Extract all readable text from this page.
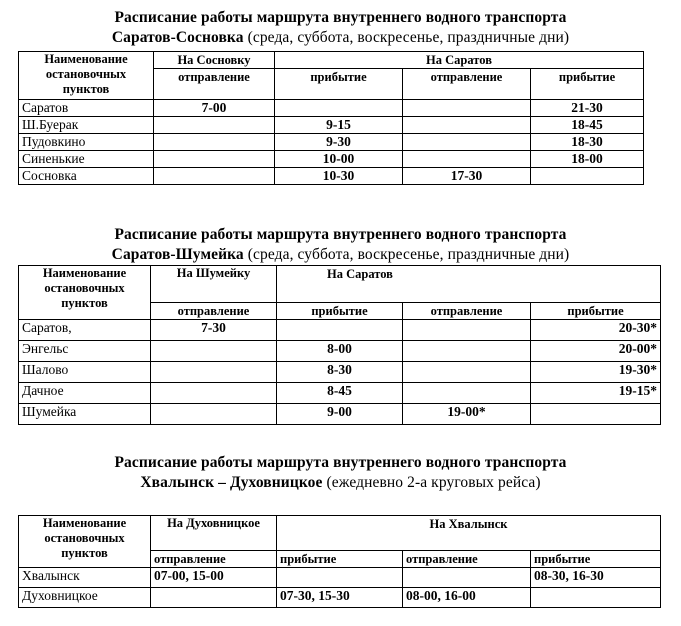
Расписание работы маршрута внутреннего водного транспорта
Саратов-Сосновка (среда, суббота, воскресенье, праздничные дни)
Наименование остановочных пунктов	На Сосновку	На Саратов		
	отправление	прибытие	отправление	прибытие
Саратов	7-00			21-30
Ш.Буерак		9-15		18-45
Пудовкино		9-30		18-30
Синенькие		10-00		18-00
Сосновка		10-30	17-30	
Расписание работы маршрута внутреннего водного транспорта
Саратов-Шумейка (среда, суббота, воскресенье, праздничные дни)
Наименование остановочных пунктов	На Шумейку	На Саратов		
	отправление	прибытие	отправление	прибытие
Саратов,	7-30			20-30*
Энгельс		8-00		20-00*
Шалово		8-30		19-30*
Дачное		8-45		19-15*
Шумейка		9-00	19-00*	
Расписание работы маршрута внутреннего водного транспорта
Хвалынск – Духовницкое (ежедневно 2-а круговых рейса)
Наименование остановочных пунктов	На Духовницкое	На Хвалынск		
	отправление	прибытие	отправление	прибытие
Хвалынск	07-00, 15-00			08-30, 16-30
Духовницкое		07-30, 15-30	08-00, 16-00	
